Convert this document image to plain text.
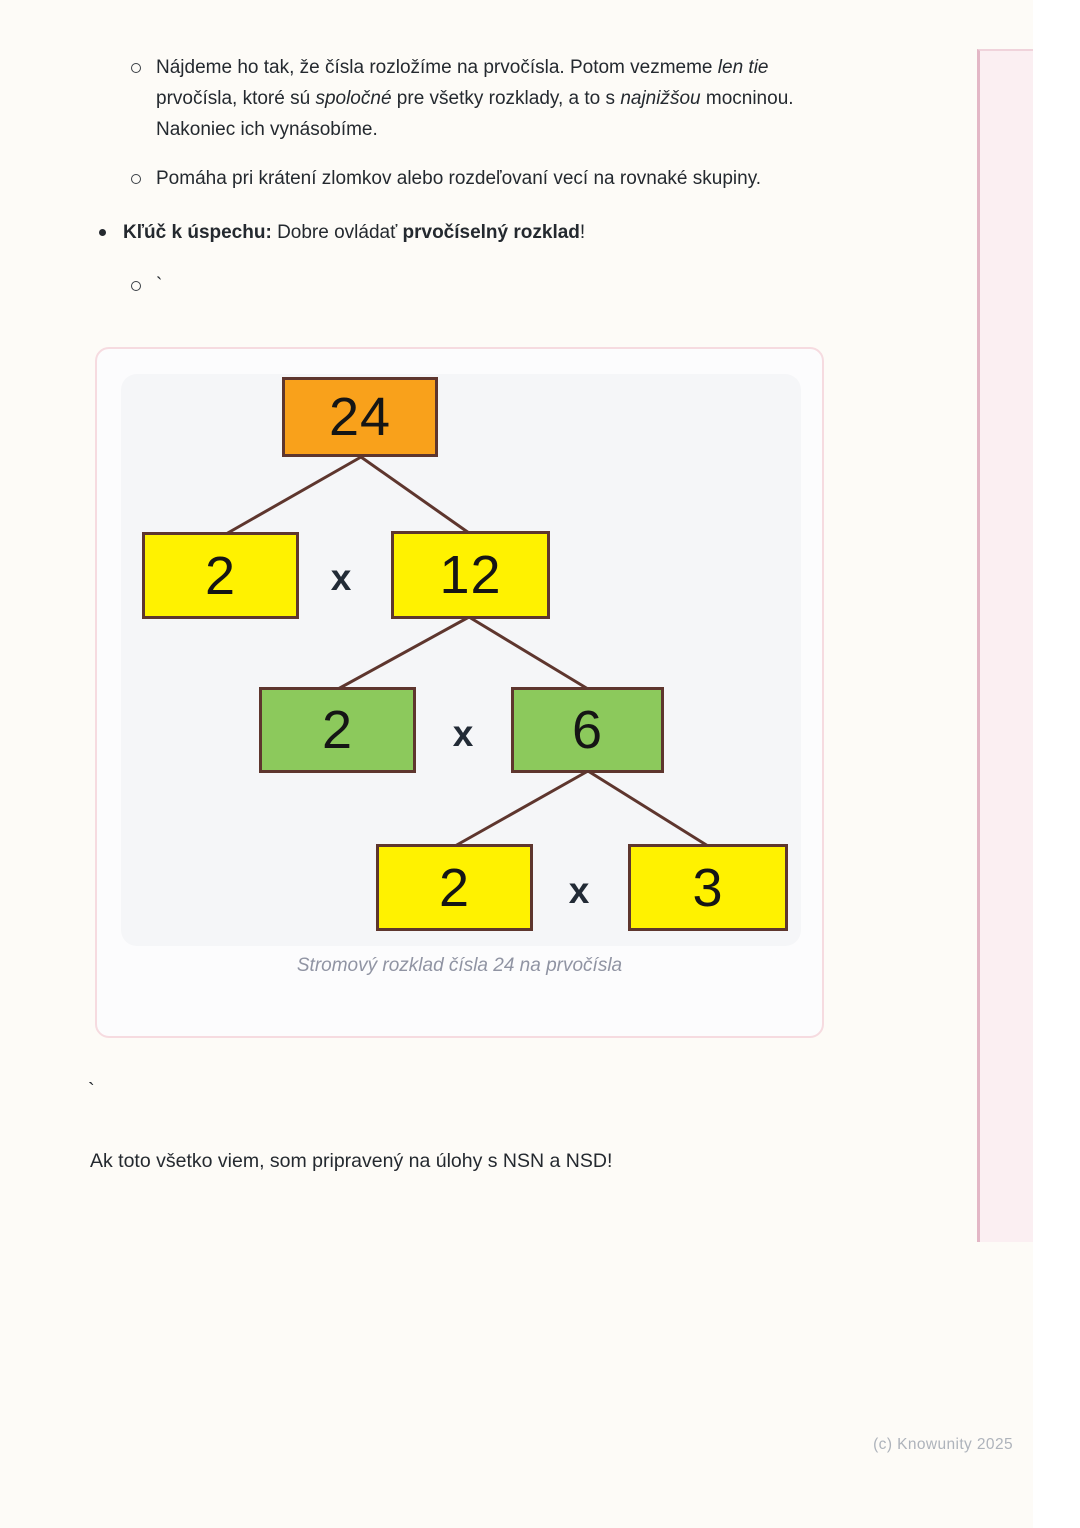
Nájdeme ho tak, že čísla rozložíme na prvočísla. Potom vezmeme len tie prvočísla, ktoré sú spoločné pre všetky rozklady, a to s najnižšou mocninou. Nakoniec ich vynásobíme.

Pomáha pri krátení zlomkov alebo rozdeľovaní vecí na rovnaké skupiny.

Kľúč k úspechu: Dobre ovládať prvočíselný rozklad!

`

24
2	x 12
2	x 6
2	x 3
Stromový rozklad čísla 24 na prvočísla
`

Ak toto všetko viem, som pripravený na úlohy s NSN a NSD!

(c) Knowunity 2025
